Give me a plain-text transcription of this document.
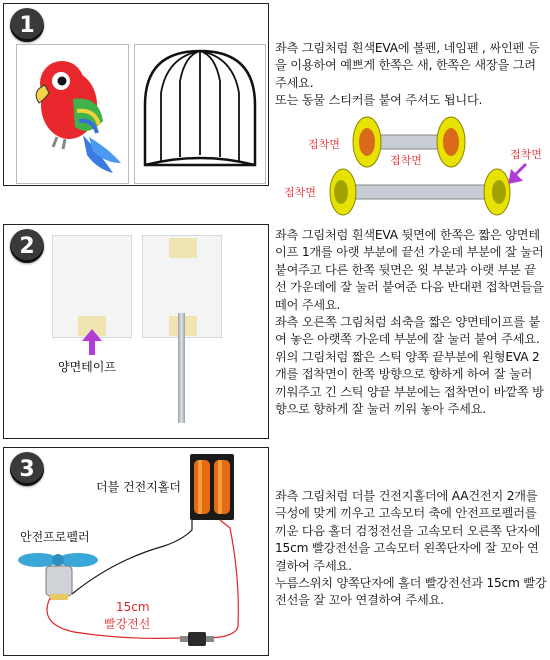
1
좌측 그림처럼 흰색EVA에 볼펜, 네임펜 , 싸인펜 등을 이용하여 예쁘게 한쪽은 새, 한쪽은 새장을 그려주세요.
또는 동물 스티커를 붙여 주셔도 됩니다.
접착면
접착면
접착면
접착면
2
양면테이프
좌측 그림처럼 흰색EVA 뒷면에 한쪽은 짧은 양면테이프 1개를 아랫 부분에 끝선 가운데 부분에 잘 눌러 붙여주고 다른 한쪽 뒷면은 윗 부분과 아랫 부분 끝선 가운데에 잘 눌러 붙여준 다음 반대편 접착면들을 떼어 주세요.
좌측 오른쪽 그림처럼 쇠축을 짧은 양면테이프를 붙여 놓은 아랫쪽 가운데 부분에 잘 눌러 붙여 주세요. 위의 그림처럼 짧은 스틱 양쪽 끝부분에 원형EVA 2개를 접착면이 한쪽 방향으로 향하게 하여 잘 눌러 끼워주고 긴 스틱 양끝 부분에는 접착면이 바깥쪽 방향으로 향하게 잘 눌러 끼워 놓아 주세요.
3
더블 건전지홀더
안전프로펠러
15cm
빨강전선
좌측 그림처럼 더블 건전지홀더에 AA건전지 2개를 극성에 맞게 끼우고 고속모터 축에 안전프로펠러를 끼운 다음 홀더 검정전선을 고속모터 오른쪽 단자에 15cm 빨강전선을 고속모터 왼쪽단자에 잘 꼬아 연결하여 주세요.
누름스위치 양쪽단자에 홀더 빨강전선과 15cm 빨강전선을 잘 꼬아 연결하여 주세요.
